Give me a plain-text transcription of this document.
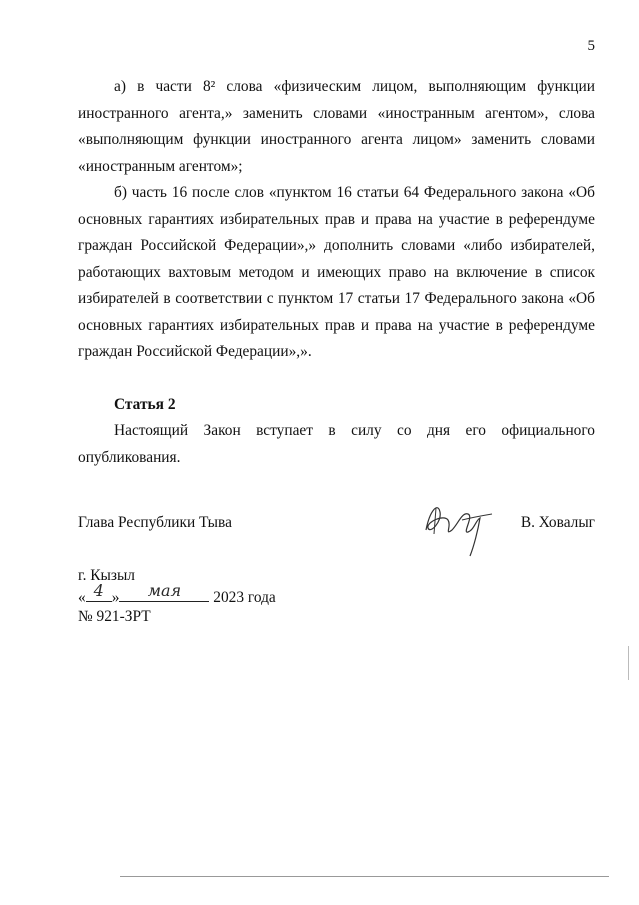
5

а) в части 8² слова «физическим лицом, выполняющим функции иностранного агента,» заменить словами «иностранным агентом», слова «выполняющим функции иностранного агента лицом» заменить словами «иностранным агентом»;

б) часть 16 после слов «пунктом 16 статьи 64 Федерального закона «Об основных гарантиях избирательных прав и права на участие в референдуме граждан Российской Федерации»,» дополнить словами «либо избирателей, работающих вахтовым методом и имеющих право на включение в список избирателей в соответствии с пунктом 17 статьи 17 Федерального закона «Об основных гарантиях избирательных прав и права на участие в референдуме граждан Российской Федерации»,».

Статья 2

Настоящий Закон вступает в силу со дня его официального опубликования.

Глава Республики Тыва	В. Ховалыг
г. Кызыл
« 4 »	мая	2023 года
№ 921-ЗРТ
